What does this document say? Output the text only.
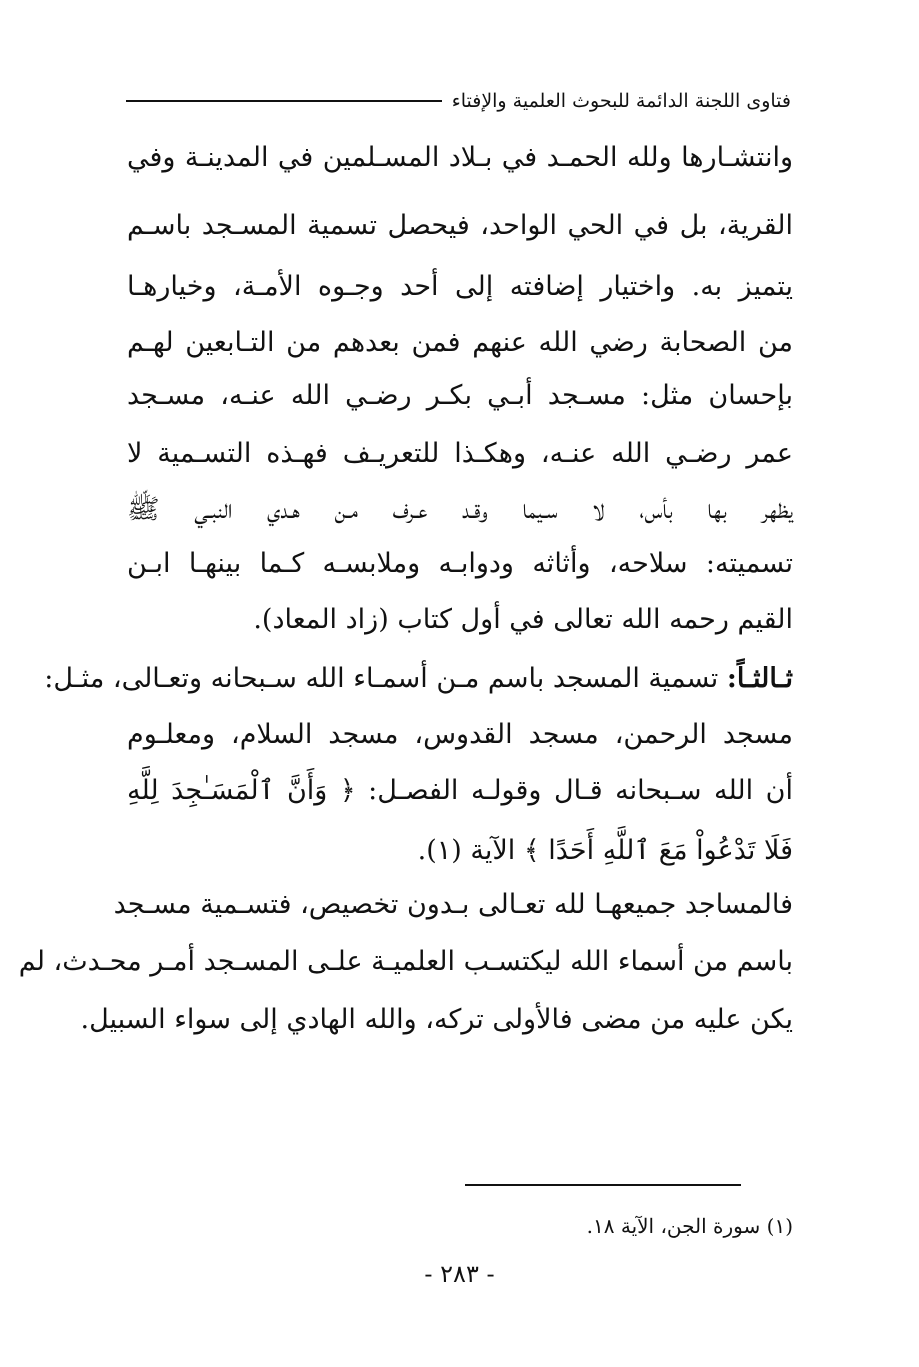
فتاوى اللجنة الدائمة للبحوث العلمية والإفتاء
وانتشـارها ولله الحمـد في بـلاد المسـلمين في المدينـة وفي
القرية، بل في الحي الواحد، فيحصل تسمية المسـجد باسـم
يتميز به. واختيار إضافته إلى أحد وجـوه الأمـة، وخيارهـا
من الصحابة رضي الله عنهم فمن بعدهم من التـابعين لهـم
بإحسان مثل: مسـجد أبـي بكـر رضـي الله عنـه، مسـجد
عمر رضـي الله عنـه، وهكـذا للتعريـف فهـذه التسـمية لا
يظهر بها بأس، لا سـيما وقـد عـرف مـن هـدي النبـي ﷺ
تسميته: سلاحه، وأثاثه ودوابـه وملابسـه كـما بينهـا ابـن
القيم رحمه الله تعالى في أول كتاب (زاد المعاد).
ثـالثـاً: تسمية المسجد باسم مـن أسمـاء الله سـبحانه وتعـالى، مثـل:
مسجد الرحمن، مسجد القدوس، مسجد السلام، ومعلـوم
أن الله سـبحانه قـال وقولـه الفصـل: ﴿ وَأَنَّ ٱلْمَسَـٰجِدَ لِلَّهِ
فَلَا تَدْعُواْ مَعَ ٱللَّهِ أَحَدًا ﴾ الآية (١).
فالمساجد جميعهـا لله تعـالى بـدون تخصيص، فتسـمية مسـجد
باسم من أسماء الله ليكتسـب العلميـة علـى المسـجد أمـر محـدث، لم
يكن عليه من مضى فالأولى تركه، والله الهادي إلى سواء السبيل.
(١) سورة الجن، الآية ١٨.
- ٢٨٣ -
